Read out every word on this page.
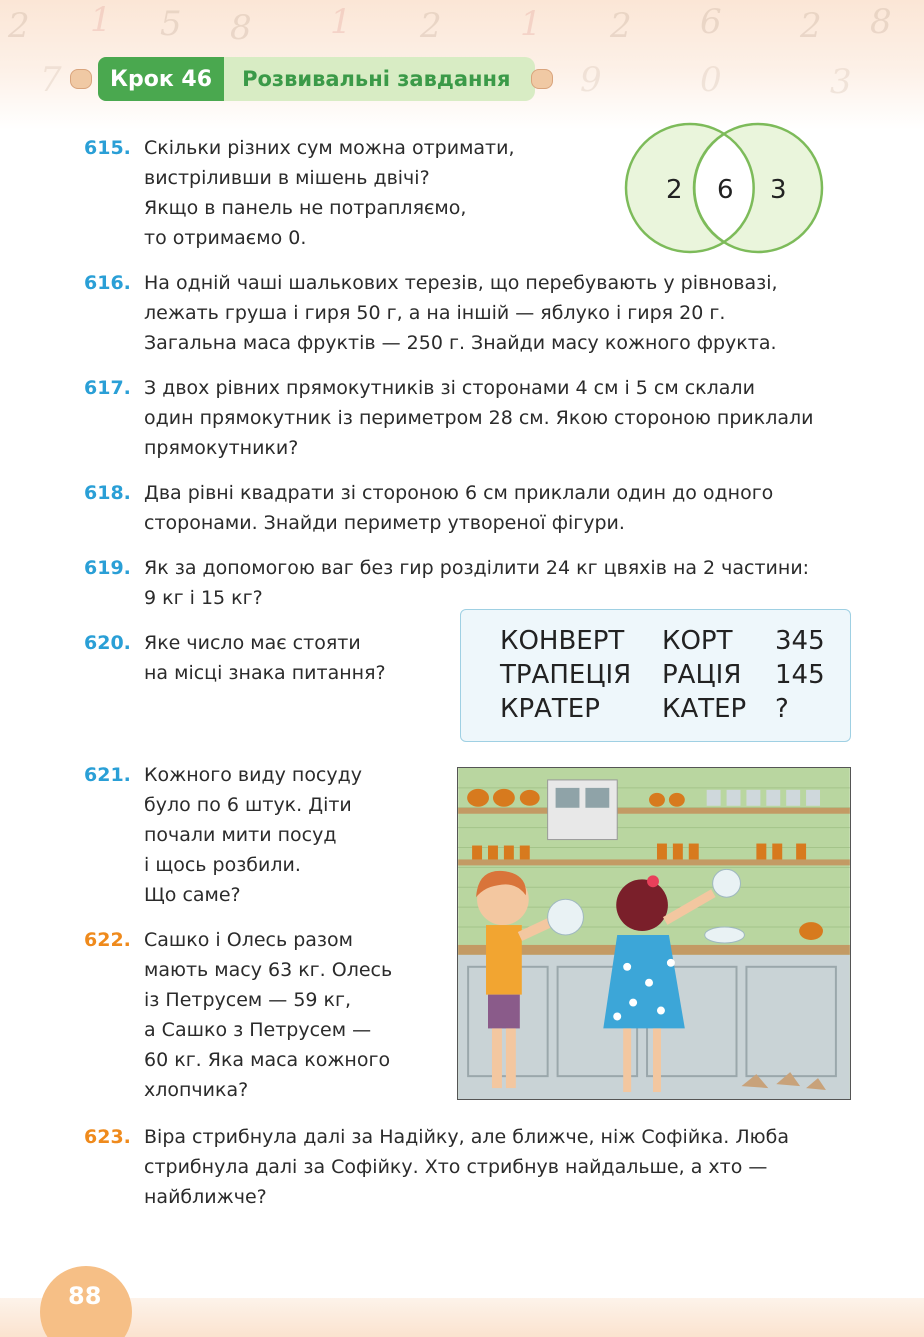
2 1 5 8 1 2 1 2 6 2 8
7	9	0	3
Крок 46	Розвивальні завдання
615. Скільки різних сум можна отримати,

вистріливши в мішень двічі?

Якщо в панель не потрапляємо,

то отримаємо 0.

2 6 3
616. На одній чаші шалькових терезів, що перебувають у рівновазі,

лежать груша і гиря 50 г, а на іншій — яблуко і гиря 20 г.

Загальна маса фруктів — 250 г. Знайди масу кожного фрукта.

617. З двох рівних прямокутників зі сторонами 4 см і 5 см склали

один прямокутник із периметром 28 см. Якою стороною приклали

прямокутники?

618. Два рівні квадрати зі стороною 6 см приклали один до одного

сторонами. Знайди периметр утвореної фігури.

619. Як за допомогою ваг без гир розділити 24 кг цвяхів на 2 частини:

9 кг і 15 кг?

620. Яке число має стояти

на місці знака питання?

КОНВЕРТ КОРТ 345
ТРАПЕЦІЯ РАЦІЯ 145
КРАТЕР КАТЕР ?
621. Кожного виду посуду

було по 6 штук. Діти

почали мити посуд

і щось розбили.

Що саме?

622. Сашко і Олесь разом

мають масу 63 кг. Олесь

із Петрусем — 59 кг,

а Сашко з Петрусем —

60 кг. Яка маса кожного

хлопчика?

623. Віра стрибнула далі за Надійку, але ближче, ніж Софійка. Люба

стрибнула далі за Софійку. Хто стрибнув найдальше, а хто —

найближче?

88
